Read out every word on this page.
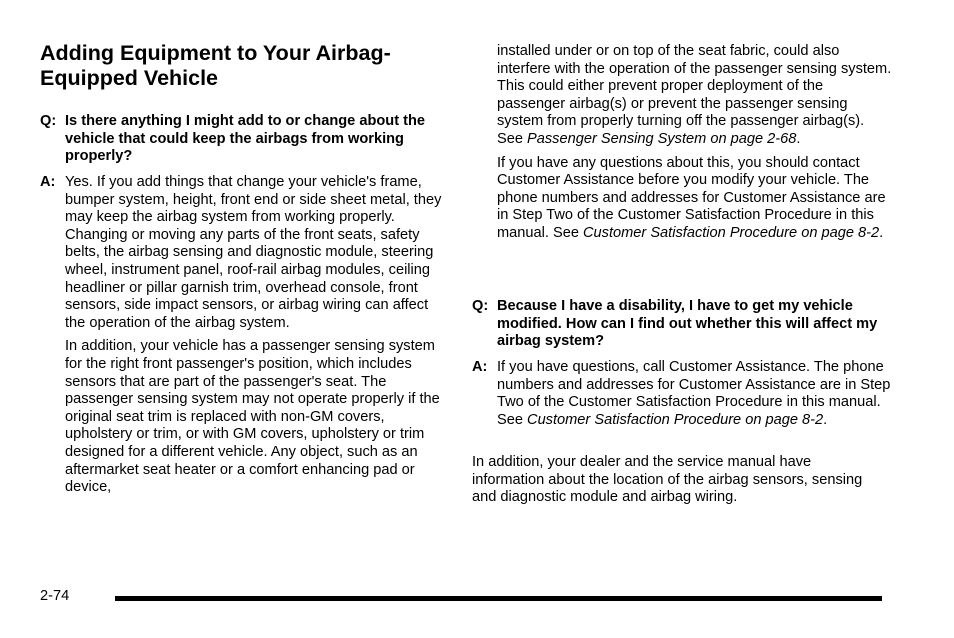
Adding Equipment to Your Airbag-Equipped Vehicle
Q: Is there anything I might add to or change about the vehicle that could keep the airbags from working properly?

A: Yes. If you add things that change your vehicle's frame, bumper system, height, front end or side sheet metal, they may keep the airbag system from working properly. Changing or moving any parts of the front seats, safety belts, the airbag sensing and diagnostic module, steering wheel, instrument panel, roof-rail airbag modules, ceiling headliner or pillar garnish trim, overhead console, front sensors, side impact sensors, or airbag wiring can affect the operation of the airbag system.

In addition, your vehicle has a passenger sensing system for the right front passenger's position, which includes sensors that are part of the passenger's seat. The passenger sensing system may not operate properly if the original seat trim is replaced with non-GM covers, upholstery or trim, or with GM covers, upholstery or trim designed for a different vehicle. Any object, such as an aftermarket seat heater or a comfort enhancing pad or device,

installed under or on top of the seat fabric, could also interfere with the operation of the passenger sensing system. This could either prevent proper deployment of the passenger airbag(s) or prevent the passenger sensing system from properly turning off the passenger airbag(s). See Passenger Sensing System on page 2-68.

If you have any questions about this, you should contact Customer Assistance before you modify your vehicle. The phone numbers and addresses for Customer Assistance are in Step Two of the Customer Satisfaction Procedure in this manual. See Customer Satisfaction Procedure on page 8-2.

Q: Because I have a disability, I have to get my vehicle modified. How can I find out whether this will affect my airbag system?

A: If you have questions, call Customer Assistance. The phone numbers and addresses for Customer Assistance are in Step Two of the Customer Satisfaction Procedure in this manual. See Customer Satisfaction Procedure on page 8-2.

In addition, your dealer and the service manual have information about the location of the airbag sensors, sensing and diagnostic module and airbag wiring.

2-74
